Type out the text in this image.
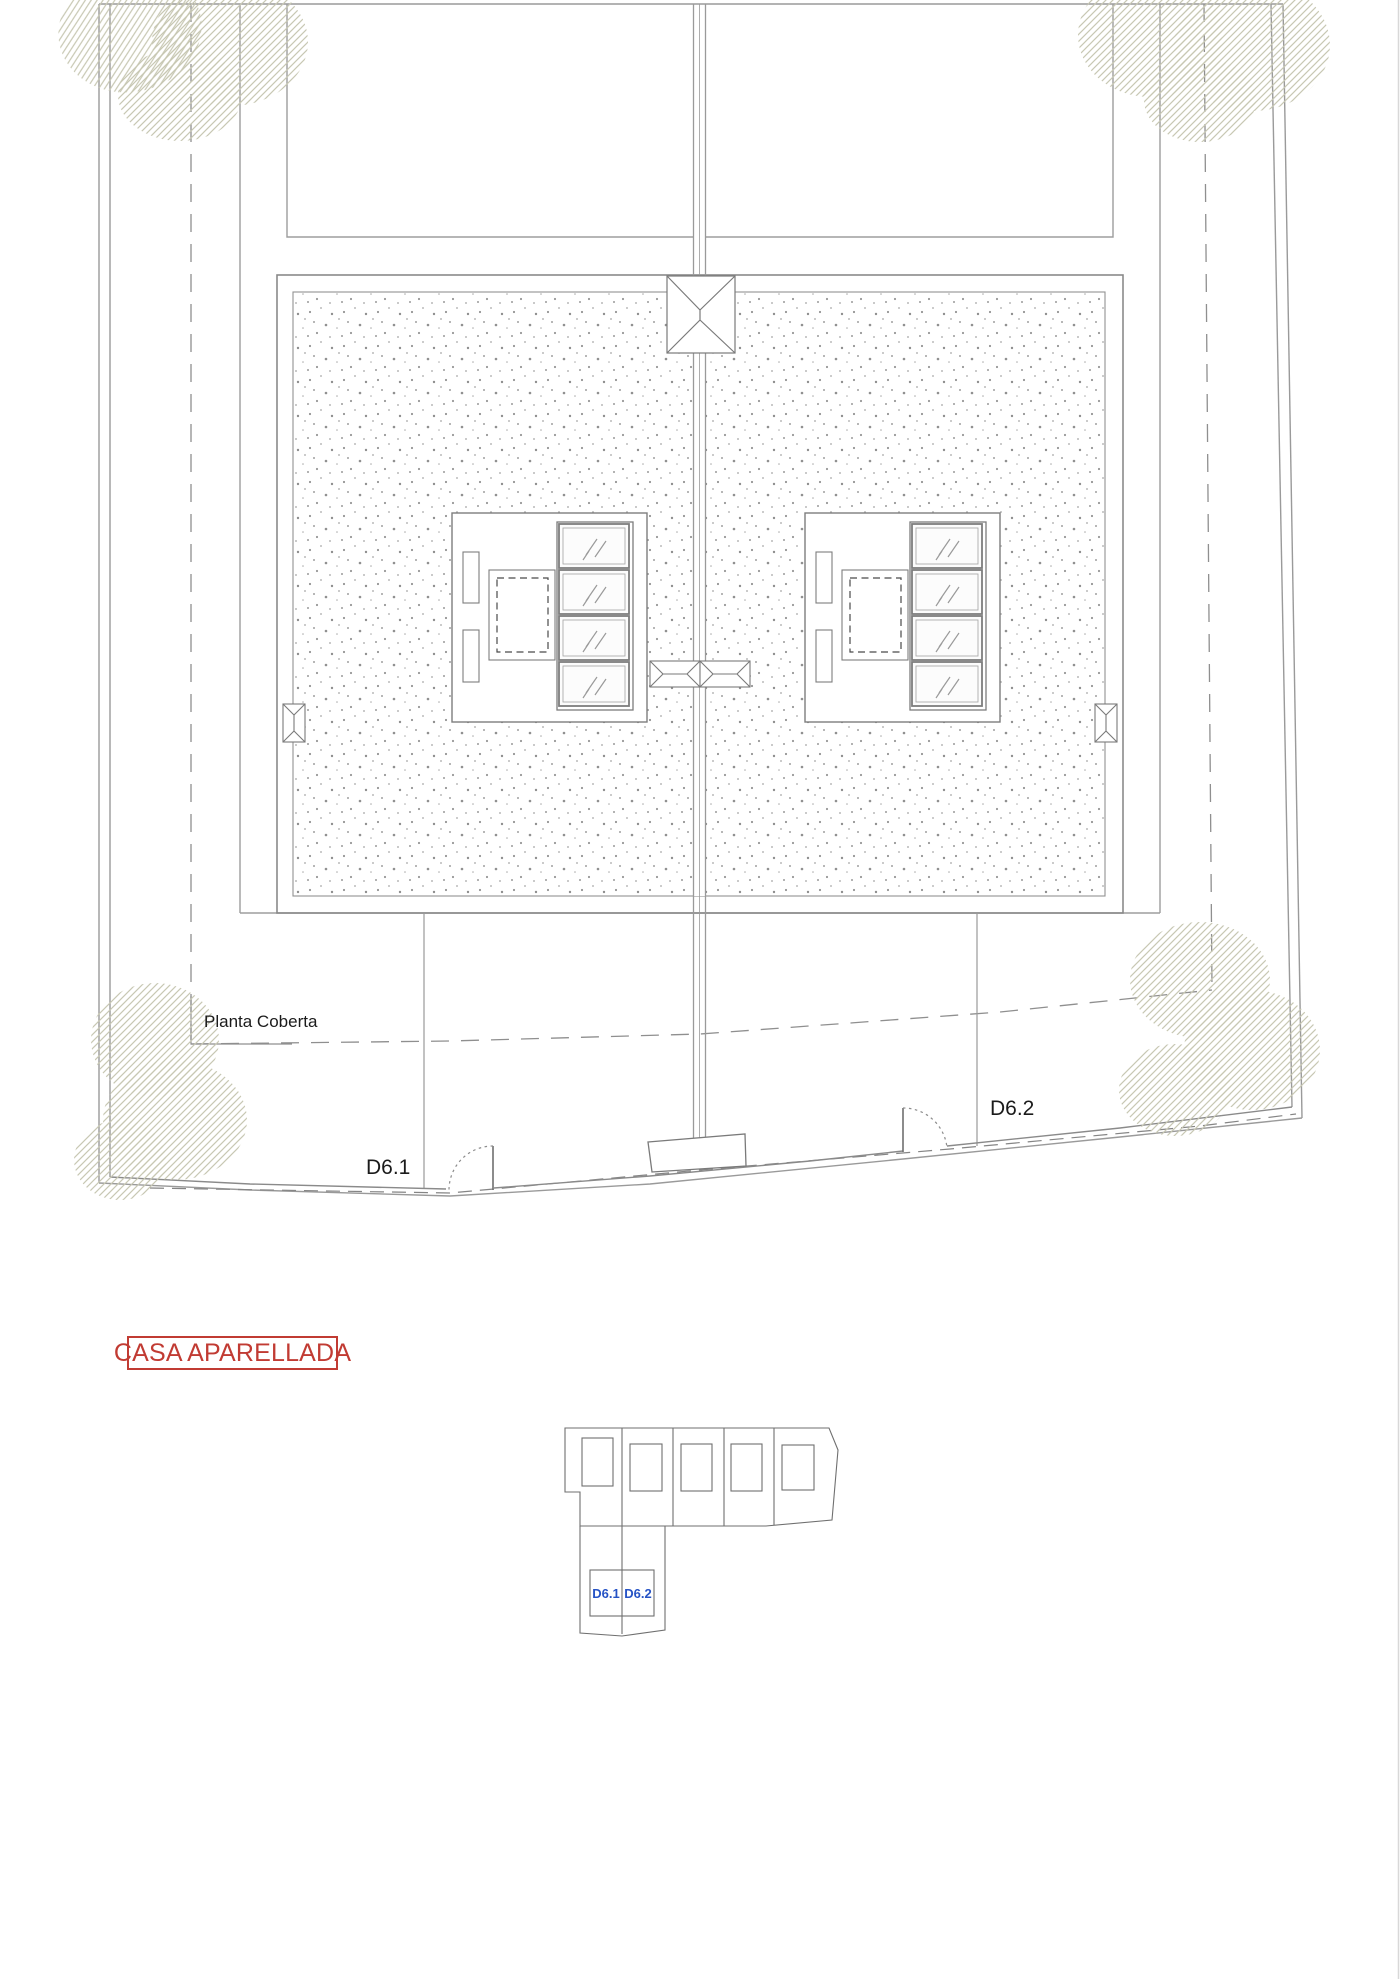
Planta Coberta
D6.1
D6.2
CASA APARELLADA
D6.1 D6.2
